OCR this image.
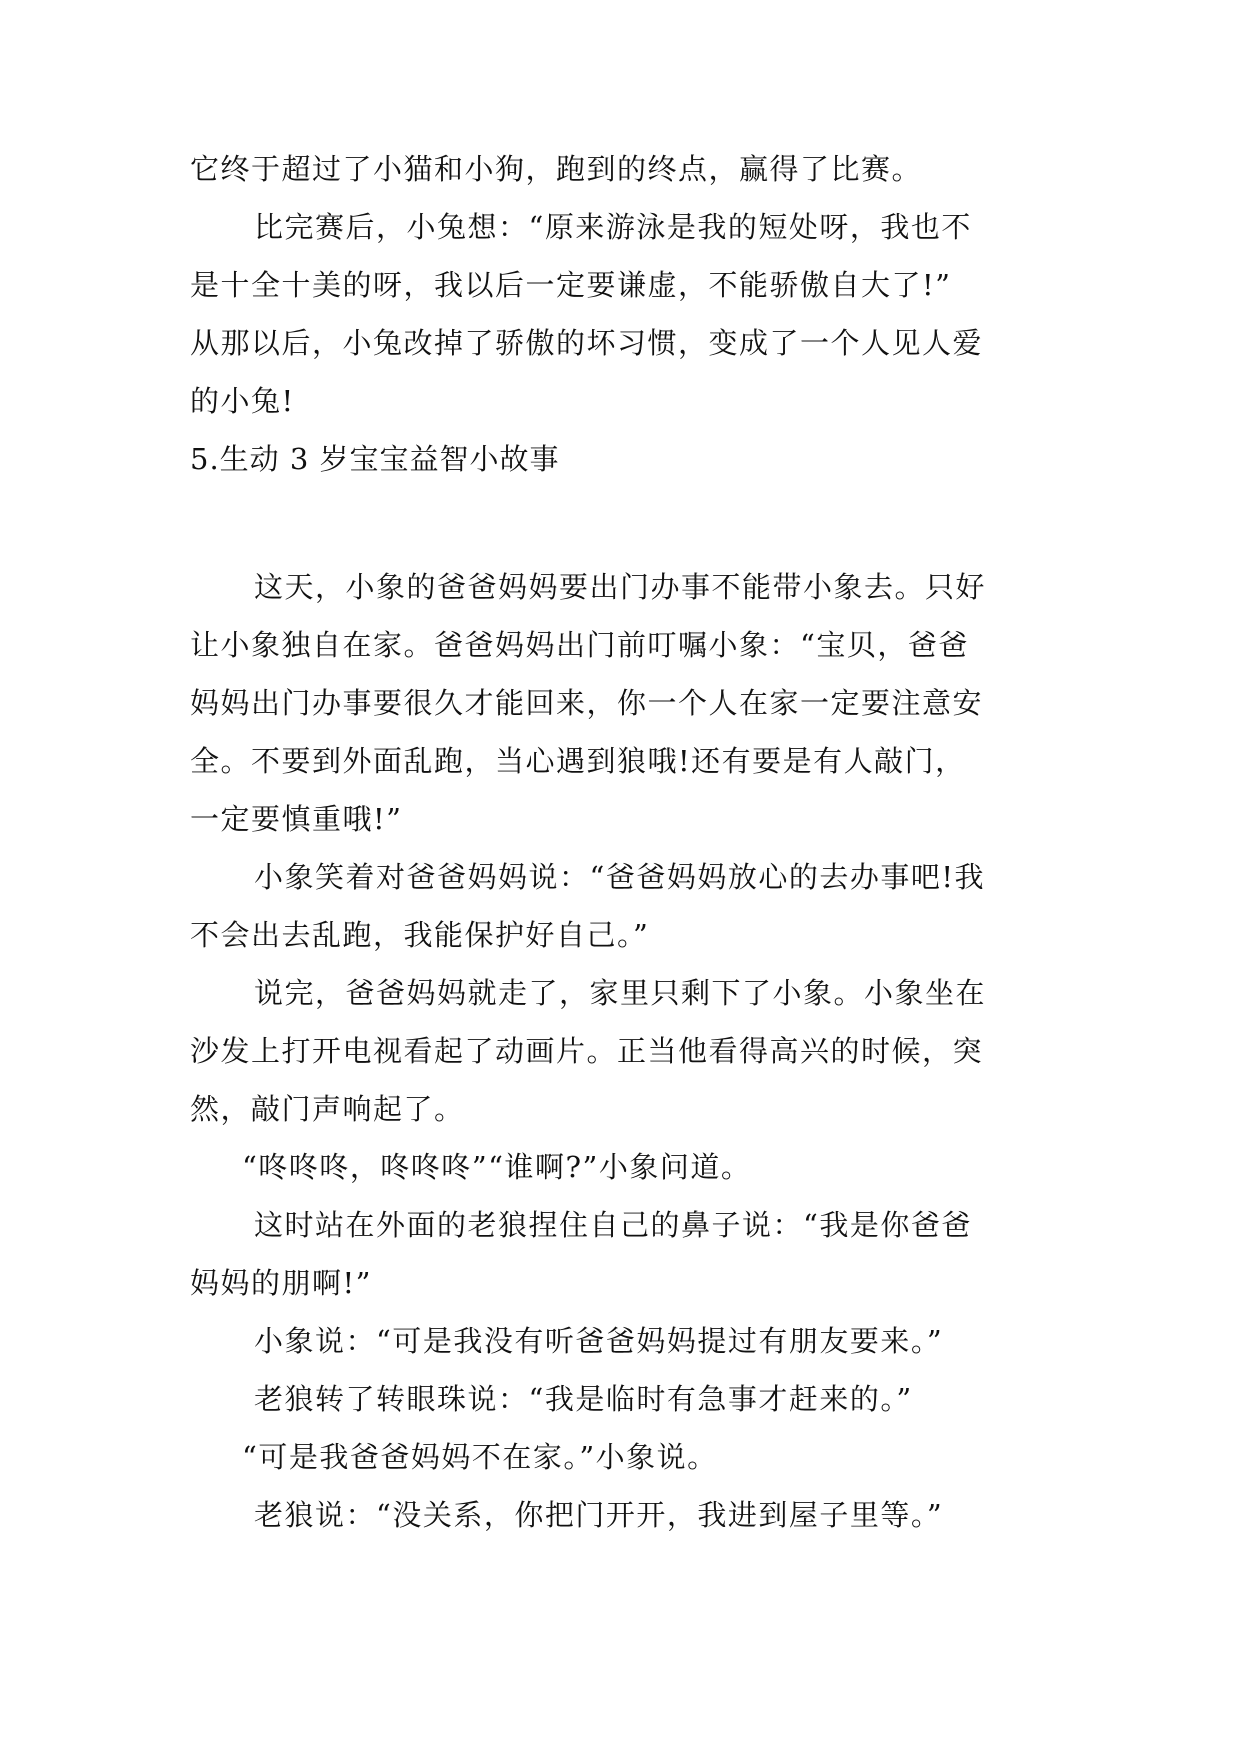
它终于超过了小猫和小狗，跑到的终点，赢得了比赛。
比完赛后，小兔想：“原来游泳是我的短处呀，我也不
是十全十美的呀，我以后一定要谦虚，不能骄傲自大了!”
从那以后，小兔改掉了骄傲的坏习惯，变成了一个人见人爱
的小兔!
5.生动 3 岁宝宝益智小故事
这天，小象的爸爸妈妈要出门办事不能带小象去。只好
让小象独自在家。爸爸妈妈出门前叮嘱小象：“宝贝，爸爸
妈妈出门办事要很久才能回来，你一个人在家一定要注意安
全。不要到外面乱跑，当心遇到狼哦!还有要是有人敲门，
一定要慎重哦!”
小象笑着对爸爸妈妈说：“爸爸妈妈放心的去办事吧!我
不会出去乱跑，我能保护好自己。”
说完，爸爸妈妈就走了，家里只剩下了小象。小象坐在
沙发上打开电视看起了动画片。正当他看得高兴的时候，突
然，敲门声响起了。
“咚咚咚，咚咚咚”“谁啊?”小象问道。
这时站在外面的老狼捏住自己的鼻子说：“我是你爸爸
妈妈的朋啊!”
小象说：“可是我没有听爸爸妈妈提过有朋友要来。”
老狼转了转眼珠说：“我是临时有急事才赶来的。”
“可是我爸爸妈妈不在家。”小象说。
老狼说：“没关系，你把门开开，我进到屋子里等。”
